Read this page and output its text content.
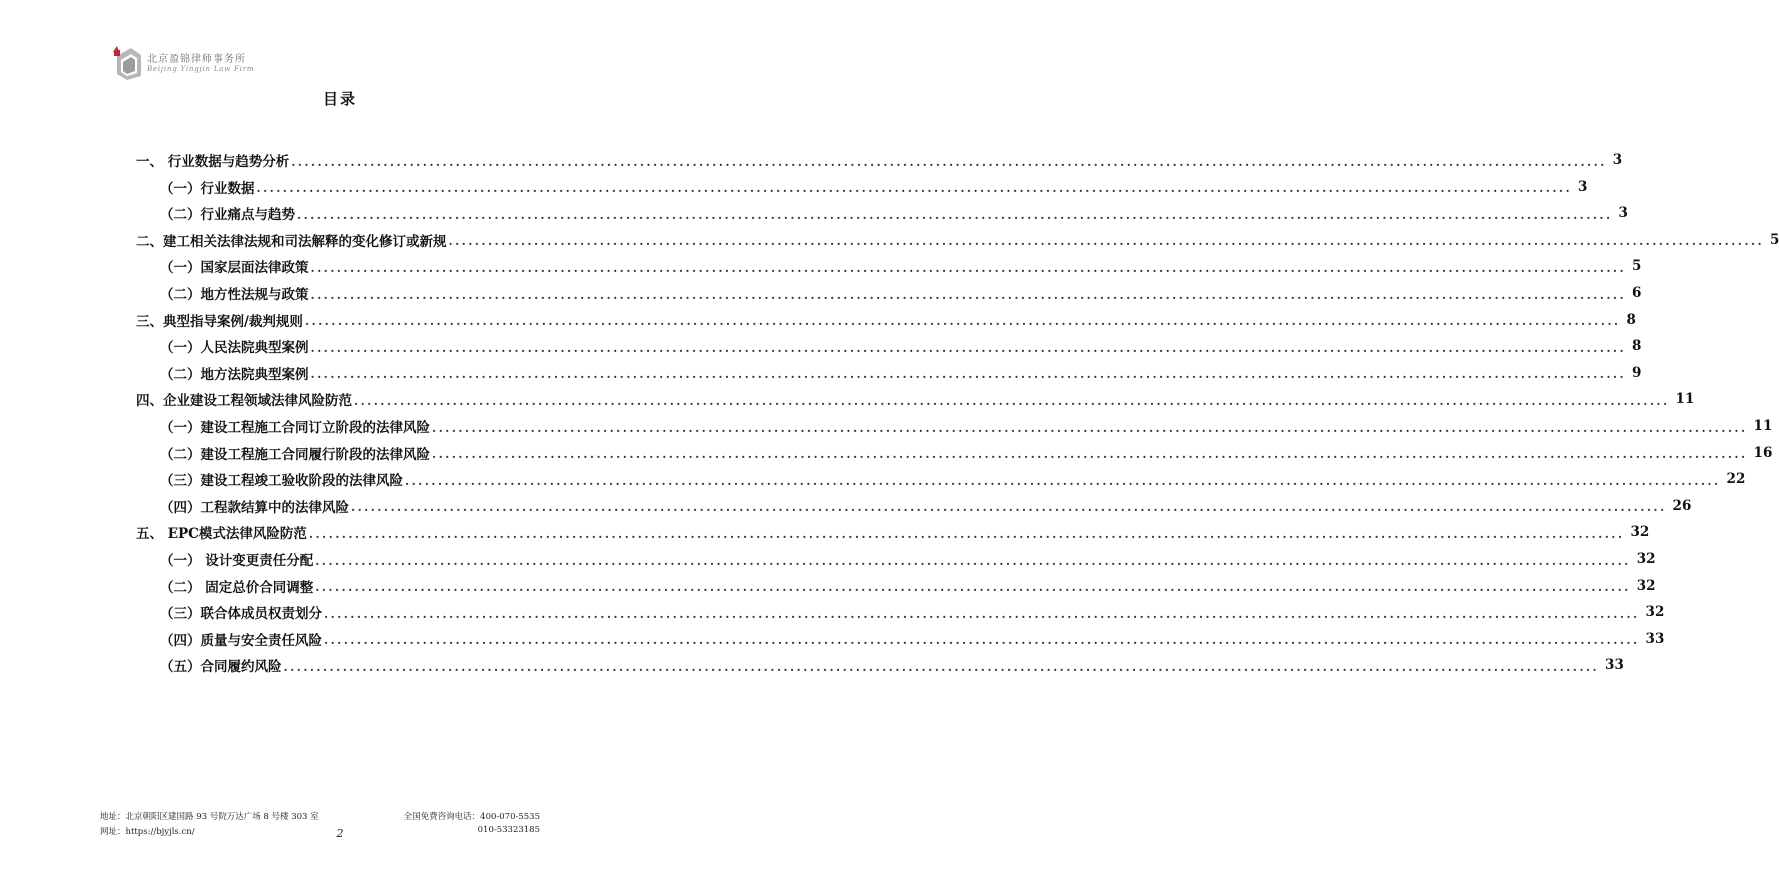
北京盈锦律师事务所
Beijing Yingjin Law Firm
目录
一、 行业数据与趋势分析 ........................................................................................................................................................................................................ 3
（一）行业数据 ........................................................................................................................................................................................................ 3
（二）行业痛点与趋势 ........................................................................................................................................................................................................ 3
二、建工相关法律法规和司法解释的变化修订或新规 ........................................................................................................................................................................................................ 5
（一）国家层面法律政策 ........................................................................................................................................................................................................ 5
（二）地方性法规与政策 ........................................................................................................................................................................................................ 6
三、典型指导案例/裁判规则 ........................................................................................................................................................................................................ 8
（一）人民法院典型案例 ........................................................................................................................................................................................................ 8
（二）地方法院典型案例 ........................................................................................................................................................................................................ 9
四、企业建设工程领域法律风险防范 ........................................................................................................................................................................................................ 11
（一）建设工程施工合同订立阶段的法律风险 ........................................................................................................................................................................................................ 11
（二）建设工程施工合同履行阶段的法律风险 ........................................................................................................................................................................................................ 16
（三）建设工程竣工验收阶段的法律风险 ........................................................................................................................................................................................................ 22
（四）工程款结算中的法律风险 ........................................................................................................................................................................................................ 26
五、 EPC模式法律风险防范 ........................................................................................................................................................................................................ 32
（一） 设计变更责任分配 ........................................................................................................................................................................................................ 32
（二） 固定总价合同调整 ........................................................................................................................................................................................................ 32
（三）联合体成员权责划分 ........................................................................................................................................................................................................ 32
（四）质量与安全责任风险 ........................................................................................................................................................................................................ 33
（五）合同履约风险 ........................................................................................................................................................................................................ 33
地址：北京朝阳区建国路 93 号院万达广场 8 号楼 303 室
网址：https://bjyjls.cn/
全国免费咨询电话：400-070-5535
010-53323185
2
